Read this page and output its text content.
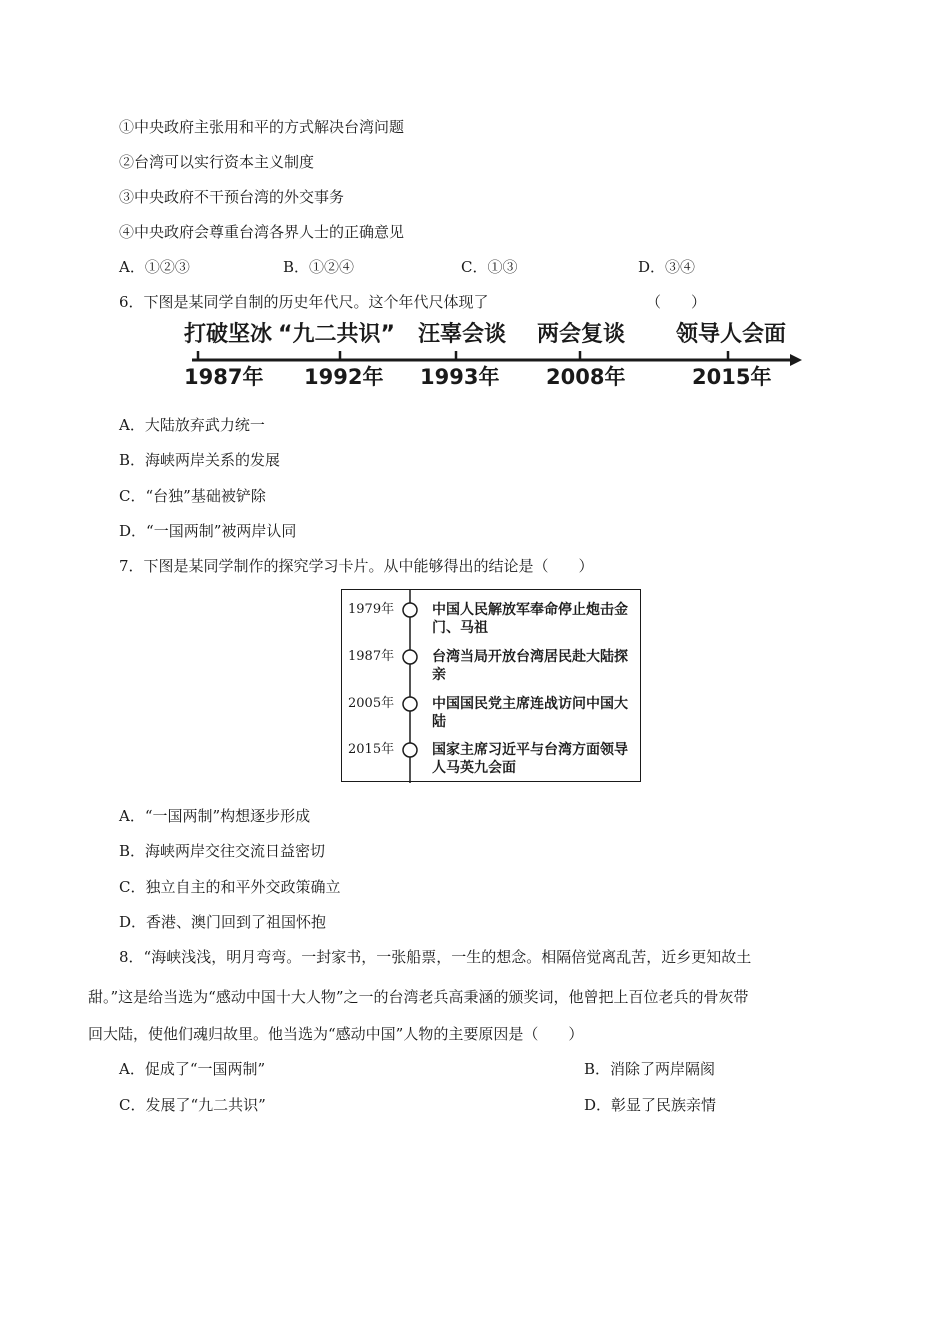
①中央政府主张用和平的方式解决台湾问题
②台湾可以实行资本主义制度
③中央政府不干预台湾的外交事务
④中央政府会尊重台湾各界人士的正确意见
A．①②③	B．①②④	C．①③	D．③④
6．下图是某同学自制的历史年代尺。这个年代尺体现了	（　　）
打破坚冰 “九二共识” 汪辜会谈 两会复谈 领导人会面
1987年 1992年 1993年 2008年	2015年
A．大陆放弃武力统一
B．海峡两岸关系的发展
C．“台独”基础被铲除
D．“一国两制”被两岸认同
7．下图是某同学制作的探究学习卡片。从中能够得出的结论是（　　）
1979年	中国人民解放军奉命停止炮击金门、马祖
1987年	台湾当局开放台湾居民赴大陆探亲
2005年	中国国民党主席连战访问中国大陆
2015年	国家主席习近平与台湾方面领导人马英九会面
A．“一国两制”构想逐步形成
B．海峡两岸交往交流日益密切
C．独立自主的和平外交政策确立
D．香港、澳门回到了祖国怀抱
8．“海峡浅浅，明月弯弯。一封家书，一张船票，一生的想念。相隔倍觉离乱苦，近乡更知故土
甜。”这是给当选为“感动中国十大人物”之一的台湾老兵高秉涵的颁奖词，他曾把上百位老兵的骨灰带
回大陆，使他们魂归故里。他当选为“感动中国”人物的主要原因是（　　）
A．促成了“一国两制”	B．消除了两岸隔阂
C．发展了“九二共识”	D．彰显了民族亲情
